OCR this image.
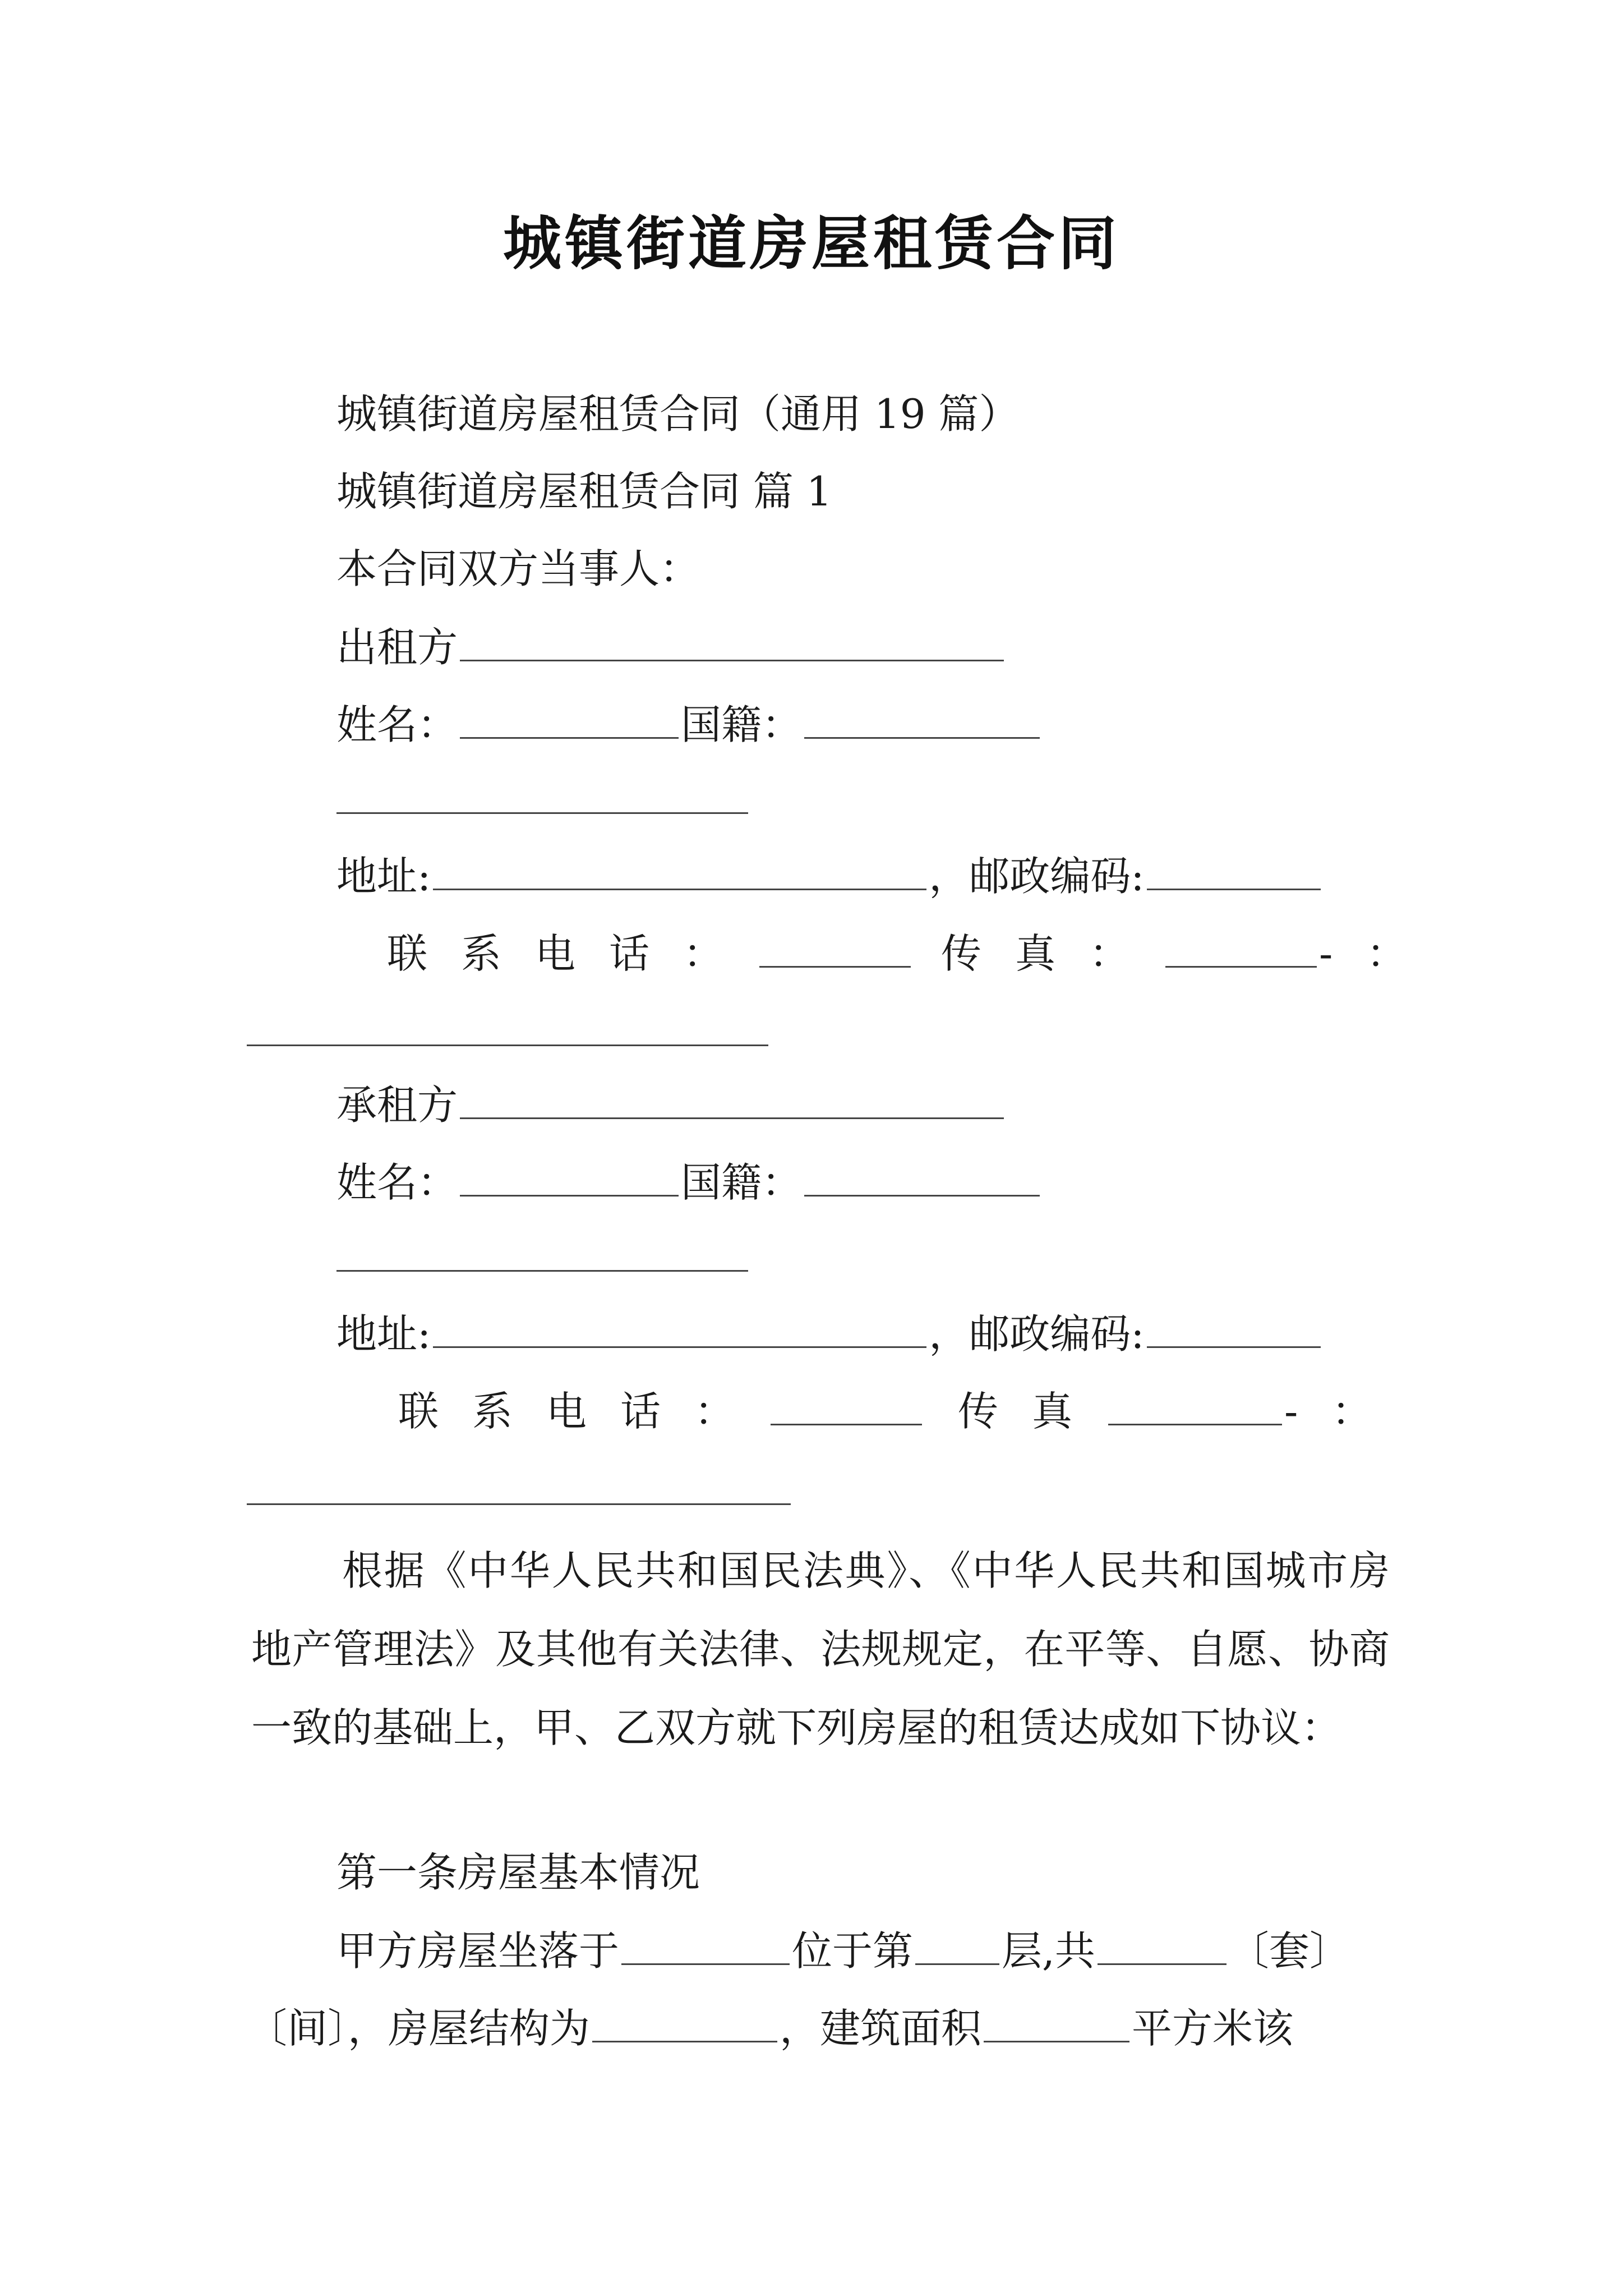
城镇街道房屋租赁合同
城镇街道房屋租赁合同（通用 19 篇）
城镇街道房屋租赁合同 篇 1
本合同双方当事人：
出租方
姓名：	国籍：
地址:	，邮政编码:
联系电话：	传真：	-：
承租方
姓名：	国籍：
地址:	，邮政编码:
联系电话：	传真	-：
根据《中华人民共和国民法典》、《中华人民共和国城市房地产管理法》及其他有关法律、法规规定，在平等、自愿、协商一致的基础上，甲、乙双方就下列房屋的租赁达成如下协议：
第一条房屋基本情况
甲方房屋坐落于	位于第 层,共	〔套〕
〔间〕，房屋结构为	，建筑面积	平方米该
